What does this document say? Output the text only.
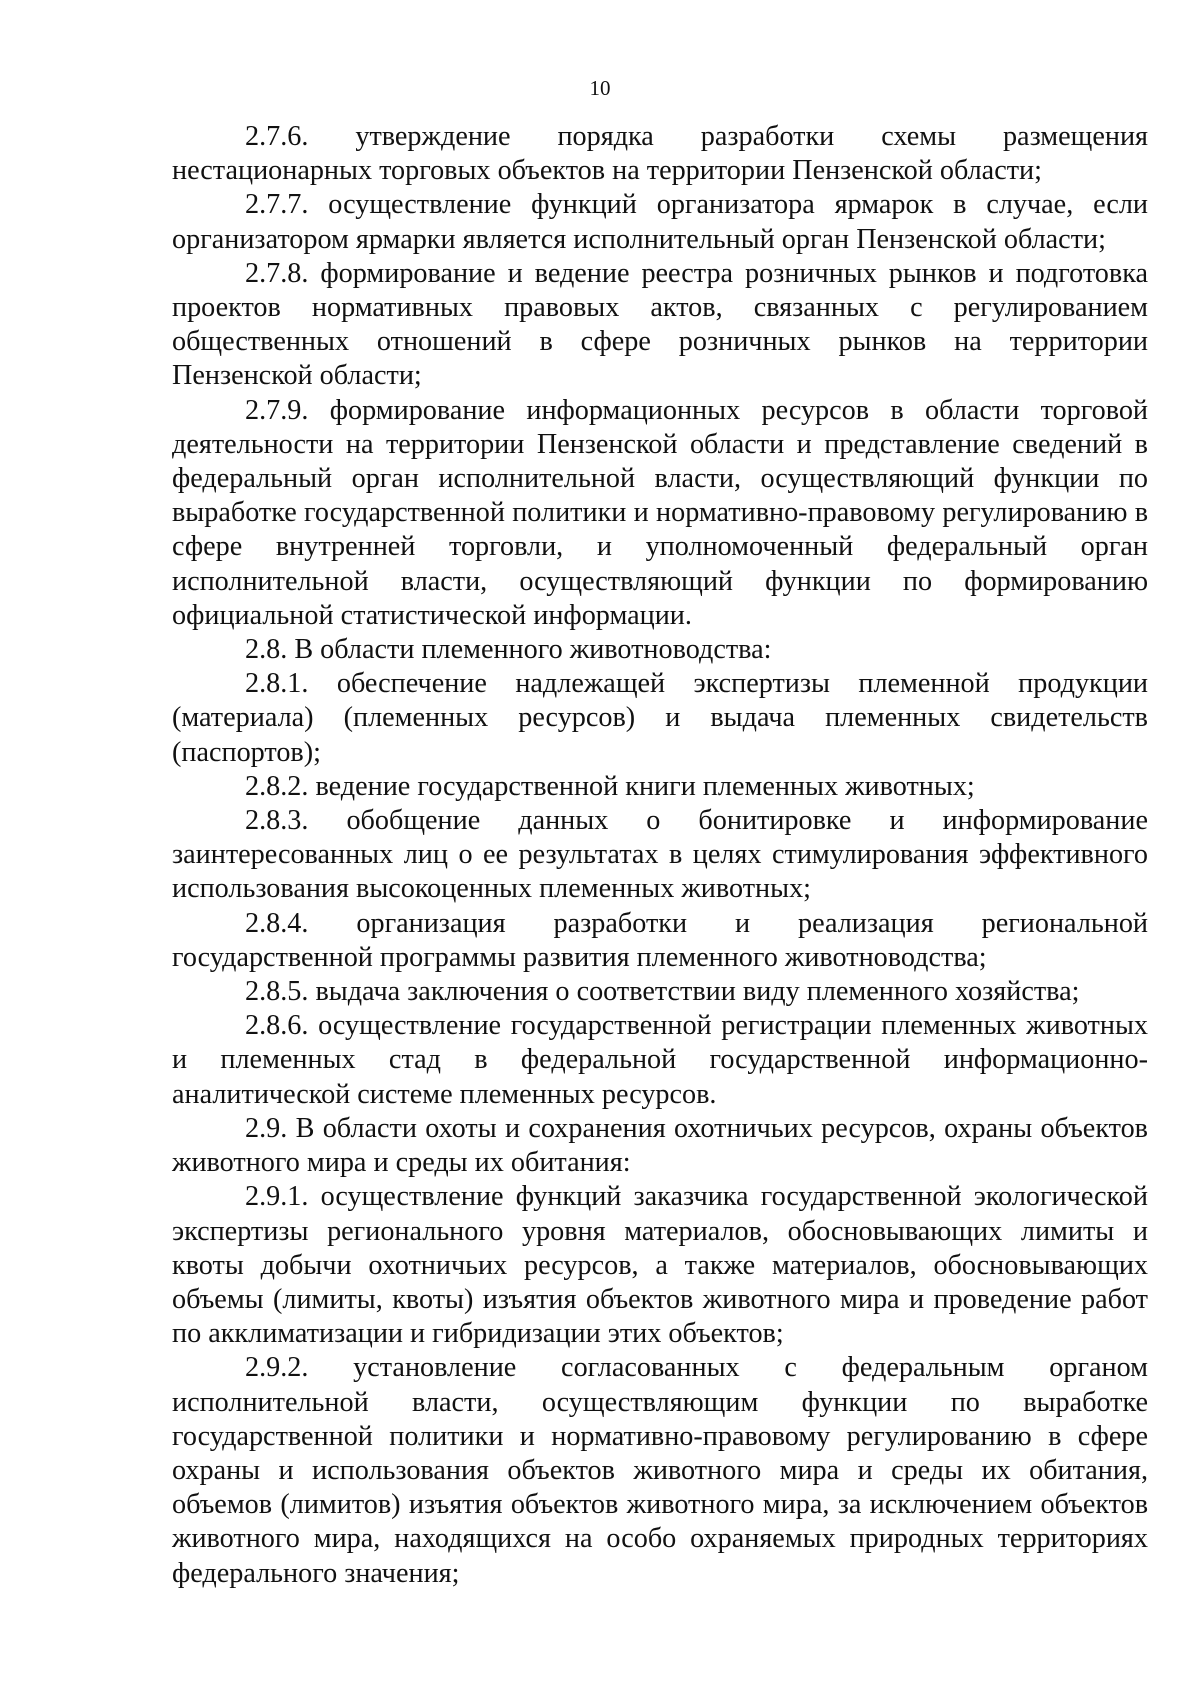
10

2.7.6. утверждение порядка разработки схемы размещения нестационарных торговых объектов на территории Пензенской области;

2.7.7. осуществление функций организатора ярмарок в случае, если организатором ярмарки является исполнительный орган Пензенской области;

2.7.8. формирование и ведение реестра розничных рынков и подготовка проектов нормативных правовых актов, связанных с регулированием общественных отношений в сфере розничных рынков на территории Пензенской области;

2.7.9. формирование информационных ресурсов в области торговой деятельности на территории Пензенской области и представление сведений в федеральный орган исполнительной власти, осуществляющий функции по выработке государственной политики и нормативно-правовому регулированию в сфере внутренней торговли, и уполномоченный федеральный орган исполнительной власти, осуществляющий функции по формированию официальной статистической информации.

2.8. В области племенного животноводства:

2.8.1. обеспечение надлежащей экспертизы племенной продукции (материала) (племенных ресурсов) и выдача племенных свидетельств (паспортов);

2.8.2. ведение государственной книги племенных животных;

2.8.3. обобщение данных о бонитировке и информирование заинтересованных лиц о ее результатах в целях стимулирования эффективного использования высокоценных племенных животных;

2.8.4. организация разработки и реализация региональной государственной программы развития племенного животноводства;

2.8.5. выдача заключения о соответствии виду племенного хозяйства;

2.8.6. осуществление государственной регистрации племенных животных и племенных стад в федеральной государственной информационно-аналитической системе племенных ресурсов.

2.9. В области охоты и сохранения охотничьих ресурсов, охраны объектов животного мира и среды их обитания:

2.9.1. осуществление функций заказчика государственной экологической экспертизы регионального уровня материалов, обосновывающих лимиты и квоты добычи охотничьих ресурсов, а также материалов, обосновывающих объемы (лимиты, квоты) изъятия объектов животного мира и проведение работ по акклиматизации и гибридизации этих объектов;

2.9.2. установление согласованных с федеральным органом исполнительной власти, осуществляющим функции по выработке государственной политики и нормативно-правовому регулированию в сфере охраны и использования объектов животного мира и среды их обитания, объемов (лимитов) изъятия объектов животного мира, за исключением объектов животного мира, находящихся на особо охраняемых природных территориях федерального значения;
